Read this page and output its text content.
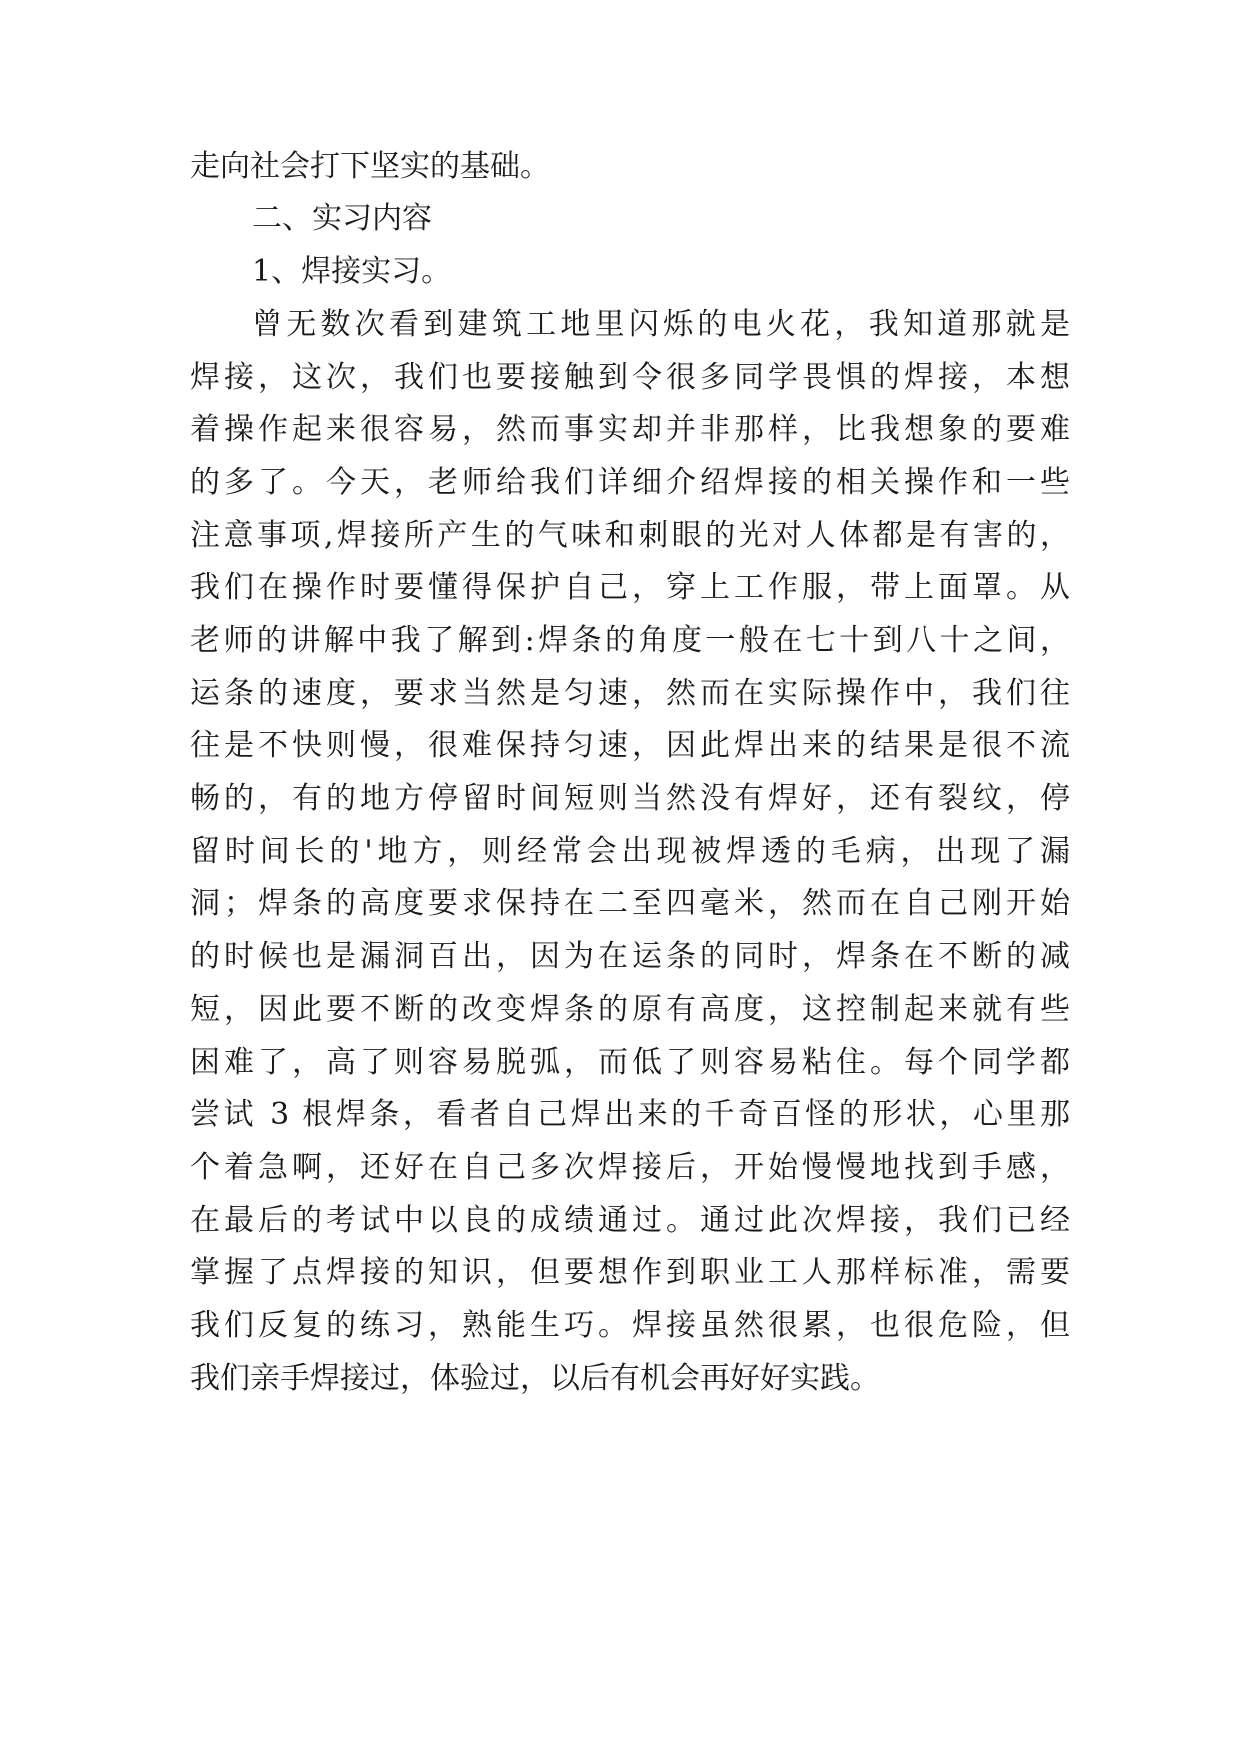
走向社会打下坚实的基础。
二、实习内容
1、焊接实习。
曾无数次看到建筑工地里闪烁的电火花，我知道那就是
焊接，这次，我们也要接触到令很多同学畏惧的焊接，本想
着操作起来很容易，然而事实却并非那样，比我想象的要难
的多了。今天，老师给我们详细介绍焊接的相关操作和一些
注意事项,焊接所产生的气味和刺眼的光对人体都是有害的，
我们在操作时要懂得保护自己，穿上工作服，带上面罩。从
老师的讲解中我了解到:焊条的角度一般在七十到八十之间，
运条的速度，要求当然是匀速，然而在实际操作中，我们往
往是不快则慢，很难保持匀速，因此焊出来的结果是很不流
畅的，有的地方停留时间短则当然没有焊好，还有裂纹，停
留时间长的'地方，则经常会出现被焊透的毛病，出现了漏
洞；焊条的高度要求保持在二至四毫米，然而在自己刚开始
的时候也是漏洞百出，因为在运条的同时，焊条在不断的减
短，因此要不断的改变焊条的原有高度，这控制起来就有些
困难了，高了则容易脱弧，而低了则容易粘住。每个同学都
尝试 3 根焊条，看者自己焊出来的千奇百怪的形状，心里那
个着急啊，还好在自己多次焊接后，开始慢慢地找到手感，
在最后的考试中以良的成绩通过。通过此次焊接，我们已经
掌握了点焊接的知识，但要想作到职业工人那样标准，需要
我们反复的练习，熟能生巧。焊接虽然很累，也很危险，但
我们亲手焊接过，体验过，以后有机会再好好实践。
